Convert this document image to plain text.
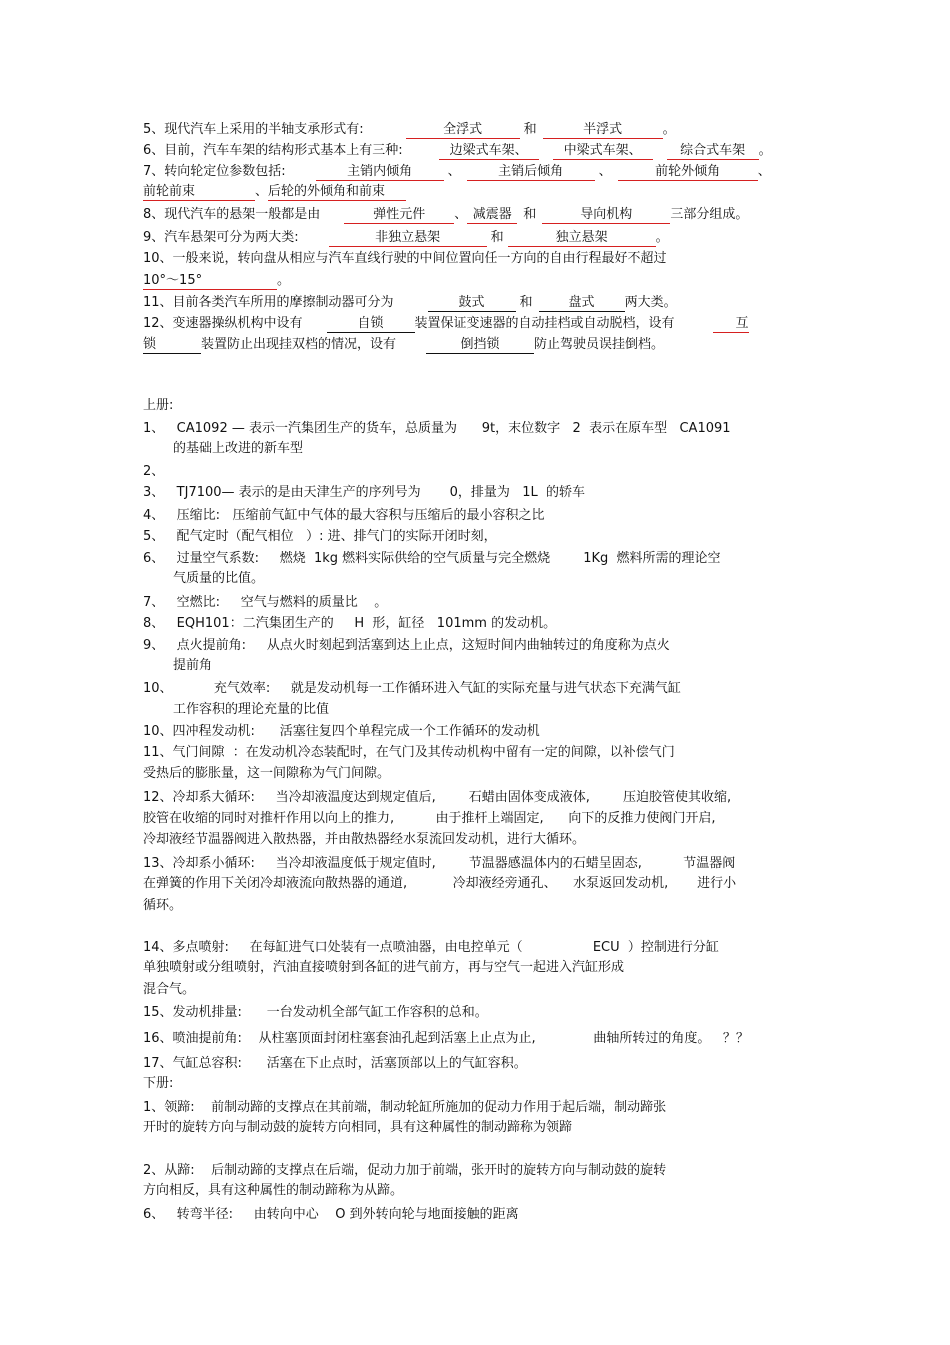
5、现代汽车上采用的半轴支承形式有:	全浮式	和	半浮式	。
6、目前，汽车车架的结构形式基本上有三种:	边梁式车架、	中梁式车架、	综合式车架 。
7、转向轮定位参数包括:	主销内倾角	、	主销后倾角	、	前轮外倾角	、
前轮前束	、后轮的外倾角和前束
8、现代汽车的悬架一般都是由	弹性元件 、 减震器 和	导向机构	三部分组成。
9、汽车悬架可分为两大类:	非独立悬架	和	独立悬架	。
10、一般来说，转向盘从相应与汽车直线行驶的中间位置向任一方向的自由行程最好不超过
10°～15°	。
11、目前各类汽车所用的摩擦制动器可分为	鼓式	和	盘式 两大类。
12、变速器操纵机构中设有	自锁 装置保证变速器的自动挂档或自动脱档，设有	互
锁	装置防止出现挂双档的情况，设有	倒挡锁	防止驾驶员误挂倒档。
上册:
1、   CA1092 — 表示一汽集团生产的货车，总质量为      9t，末位数字   2  表示在原车型   CA1091
的基础上改进的新车型
2、
3、   TJ7100— 表示的是由天津生产的序列号为       0，排量为   1L  的轿车
4、   压缩比:   压缩前气缸中气体的最大容积与压缩后的最小容积之比
5、   配气定时（配气相位   ）: 进、排气门的实际开闭时刻，
6、   过量空气系数:     燃烧  1kg 燃料实际供给的空气质量与完全燃烧        1Kg  燃料所需的理论空
气质量的比值。
7、   空燃比:     空气与燃料的质量比    。
8、   EQH101：二汽集团生产的     H  形，缸径   101mm 的发动机。
9、   点火提前角:     从点火时刻起到活塞到达上止点，这短时间内曲轴转过的角度称为点火
提前角
10、          充气效率:     就是发动机每一工作循环进入气缸的实际充量与进气状态下充满气缸
工作容积的理论充量的比值
10、四冲程发动机:      活塞往复四个单程完成一个工作循环的发动机
11、气门间隙  ：在发动机冷态装配时，在气门及其传动机构中留有一定的间隙，以补偿气门
受热后的膨胀量，这一间隙称为气门间隙。
12、冷却系大循环:     当冷却液温度达到规定值后,        石蜡由固体变成液体,        压迫胶管使其收缩,
胶管在收缩的同时对推杆作用以向上的推力,          由于推杆上端固定,      向下的反推力使阀门开启,
冷却液经节温器阀进入散热器，并由散热器经水泵流回发动机，进行大循环。
13、冷却系小循环:     当冷却液温度低于规定值时,        节温器感温体内的石蜡呈固态,          节温器阀
在弹簧的作用下关闭冷却液流向散热器的通道,           冷却液经旁通孔、    水泵返回发动机,       进行小
循环。
14、多点喷射:     在每缸进气口处装有一点喷油器，由电控单元（                 ECU  ）控制进行分缸
单独喷射或分组喷射，汽油直接喷射到各缸的进气前方，再与空气一起进入汽缸形成
混合气。
15、发动机排量:      一台发动机全部气缸工作容积的总和。
16、喷油提前角:    从柱塞顶面封闭柱塞套油孔起到活塞上止点为止,              曲轴所转过的角度。   ？？
17、气缸总容积:      活塞在下止点时，活塞顶部以上的气缸容积。
下册:
1、领蹄:    前制动蹄的支撑点在其前端，制动轮缸所施加的促动力作用于起后端，制动蹄张
开时的旋转方向与制动鼓的旋转方向相同，具有这种属性的制动蹄称为领蹄
2、从蹄:    后制动蹄的支撑点在后端，促动力加于前端，张开时的旋转方向与制动鼓的旋转
方向相反，具有这种属性的制动蹄称为从蹄。
6、   转弯半径:     由转向中心    O 到外转向轮与地面接触的距离
